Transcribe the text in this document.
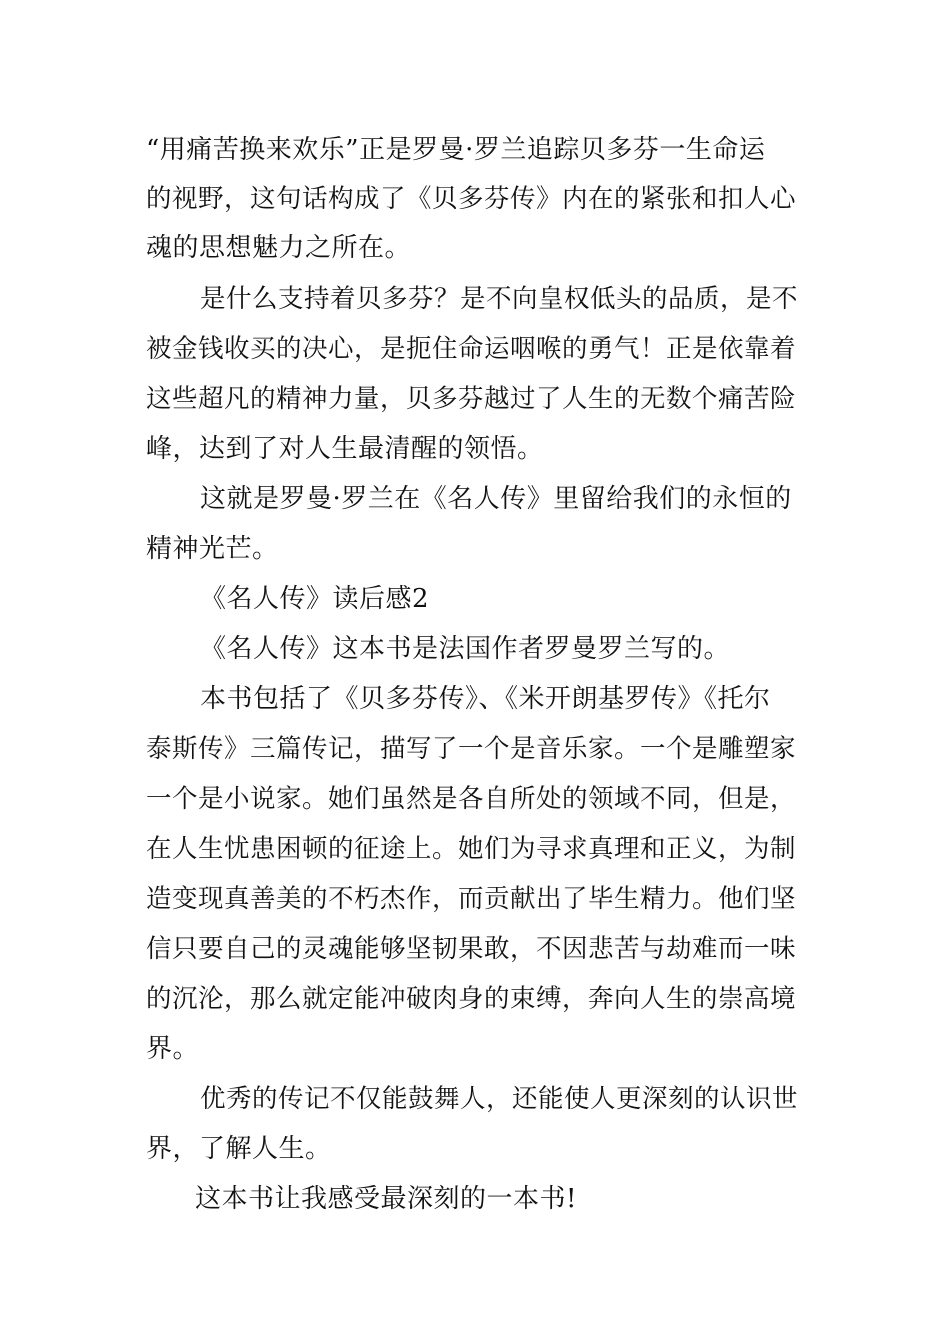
“用痛苦换来欢乐”正是罗曼·罗兰追踪贝多芬一生命运
的视野，这句话构成了《贝多芬传》内在的紧张和扣人心
魂的思想魅力之所在。
是什么支持着贝多芬？是不向皇权低头的品质，是不
被金钱收买的决心，是扼住命运咽喉的勇气！正是依靠着
这些超凡的精神力量，贝多芬越过了人生的无数个痛苦险
峰，达到了对人生最清醒的领悟。
这就是罗曼·罗兰在《名人传》里留给我们的永恒的
精神光芒。
《名人传》读后感2
《名人传》这本书是法国作者罗曼罗兰写的。
本书包括了《贝多芬传》、《米开朗基罗传》《托尔
泰斯传》三篇传记，描写了一个是音乐家。一个是雕塑家
一个是小说家。她们虽然是各自所处的领域不同，但是，
在人生忧患困顿的征途上。她们为寻求真理和正义，为制
造变现真善美的不朽杰作，而贡献出了毕生精力。他们坚
信只要自己的灵魂能够坚韧果敢，不因悲苦与劫难而一味
的沉沦，那么就定能冲破肉身的束缚，奔向人生的崇高境
界。
优秀的传记不仅能鼓舞人，还能使人更深刻的认识世
界，了解人生。
这本书让我感受最深刻的一本书!
